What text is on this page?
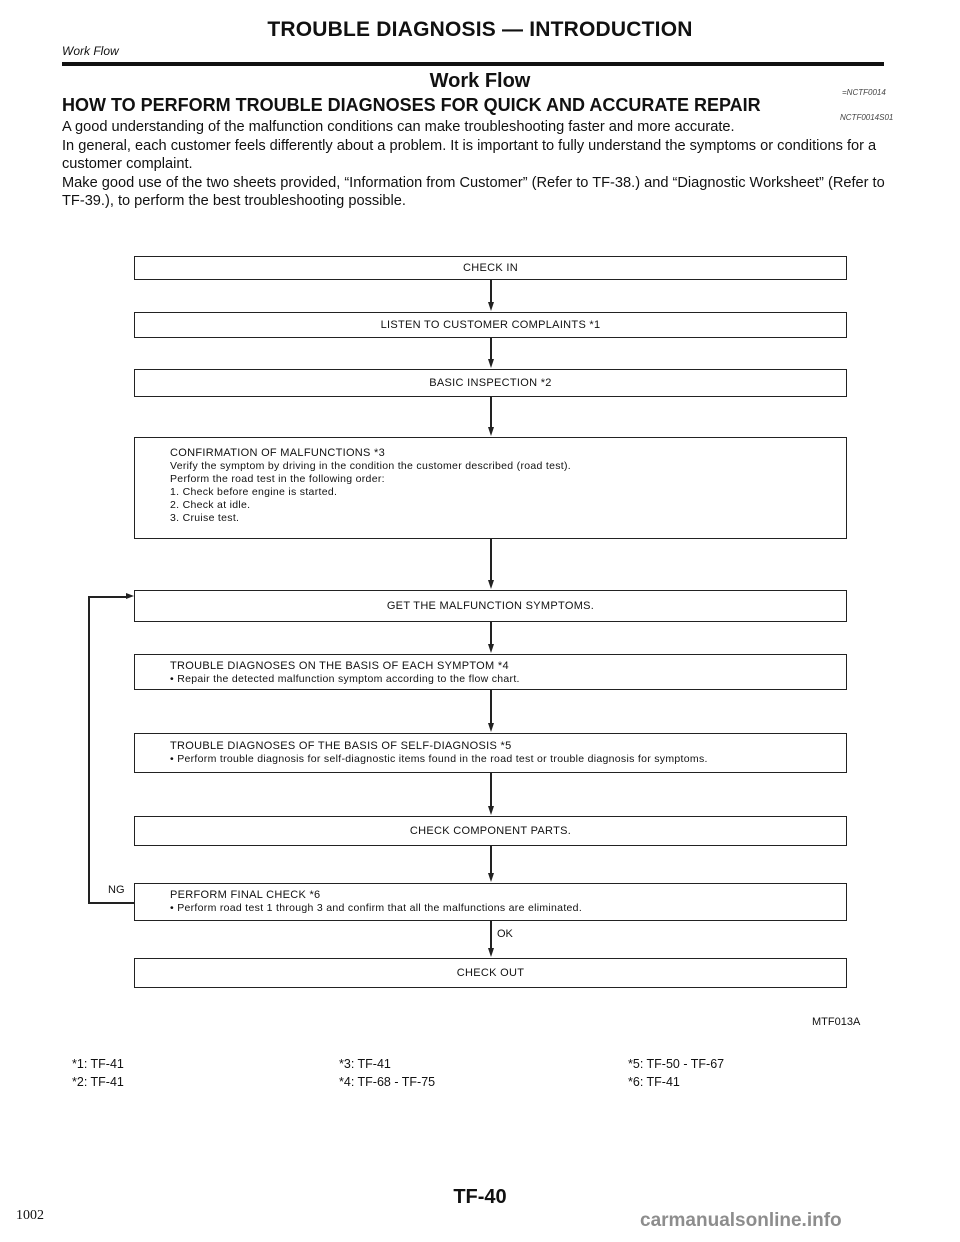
TROUBLE DIAGNOSIS — INTRODUCTION
Work Flow
Work Flow
=NCTF0014
HOW TO PERFORM TROUBLE DIAGNOSES FOR QUICK AND ACCURATE REPAIR
NCTF0014S01

A good understanding of the malfunction conditions can make troubleshooting faster and more accurate.

In general, each customer feels differently about a problem. It is important to fully understand the symptoms or conditions for a customer complaint.

Make good use of the two sheets provided, “Information from Customer” (Refer to TF-38.) and “Diagnostic Worksheet” (Refer to TF-39.), to perform the best troubleshooting possible.

CHECK IN
LISTEN TO CUSTOMER COMPLAINTS *1
BASIC INSPECTION *2
CONFIRMATION OF MALFUNCTIONS *3
Verify the symptom by driving in the condition the customer described (road test).
Perform the road test in the following order:
1. Check before engine is started.
2. Check at idle.
3. Cruise test.
GET THE MALFUNCTION SYMPTOMS.
TROUBLE DIAGNOSES ON THE BASIS OF EACH SYMPTOM *4
• Repair the detected malfunction symptom according to the flow chart.
TROUBLE DIAGNOSES OF THE BASIS OF SELF-DIAGNOSIS *5
• Perform trouble diagnosis for self-diagnostic items found in the road test or trouble diagnosis for symptoms.
CHECK COMPONENT PARTS.
PERFORM FINAL CHECK *6
• Perform road test 1 through 3 and confirm that all the malfunctions are eliminated.
OK
CHECK OUT
NG
MTF013A
*1: TF-41
*2: TF-41
*3: TF-41
*4: TF-68 - TF-75
*5: TF-50 - TF-67
*6: TF-41
TF-40
1002	carmanualsonline.info
